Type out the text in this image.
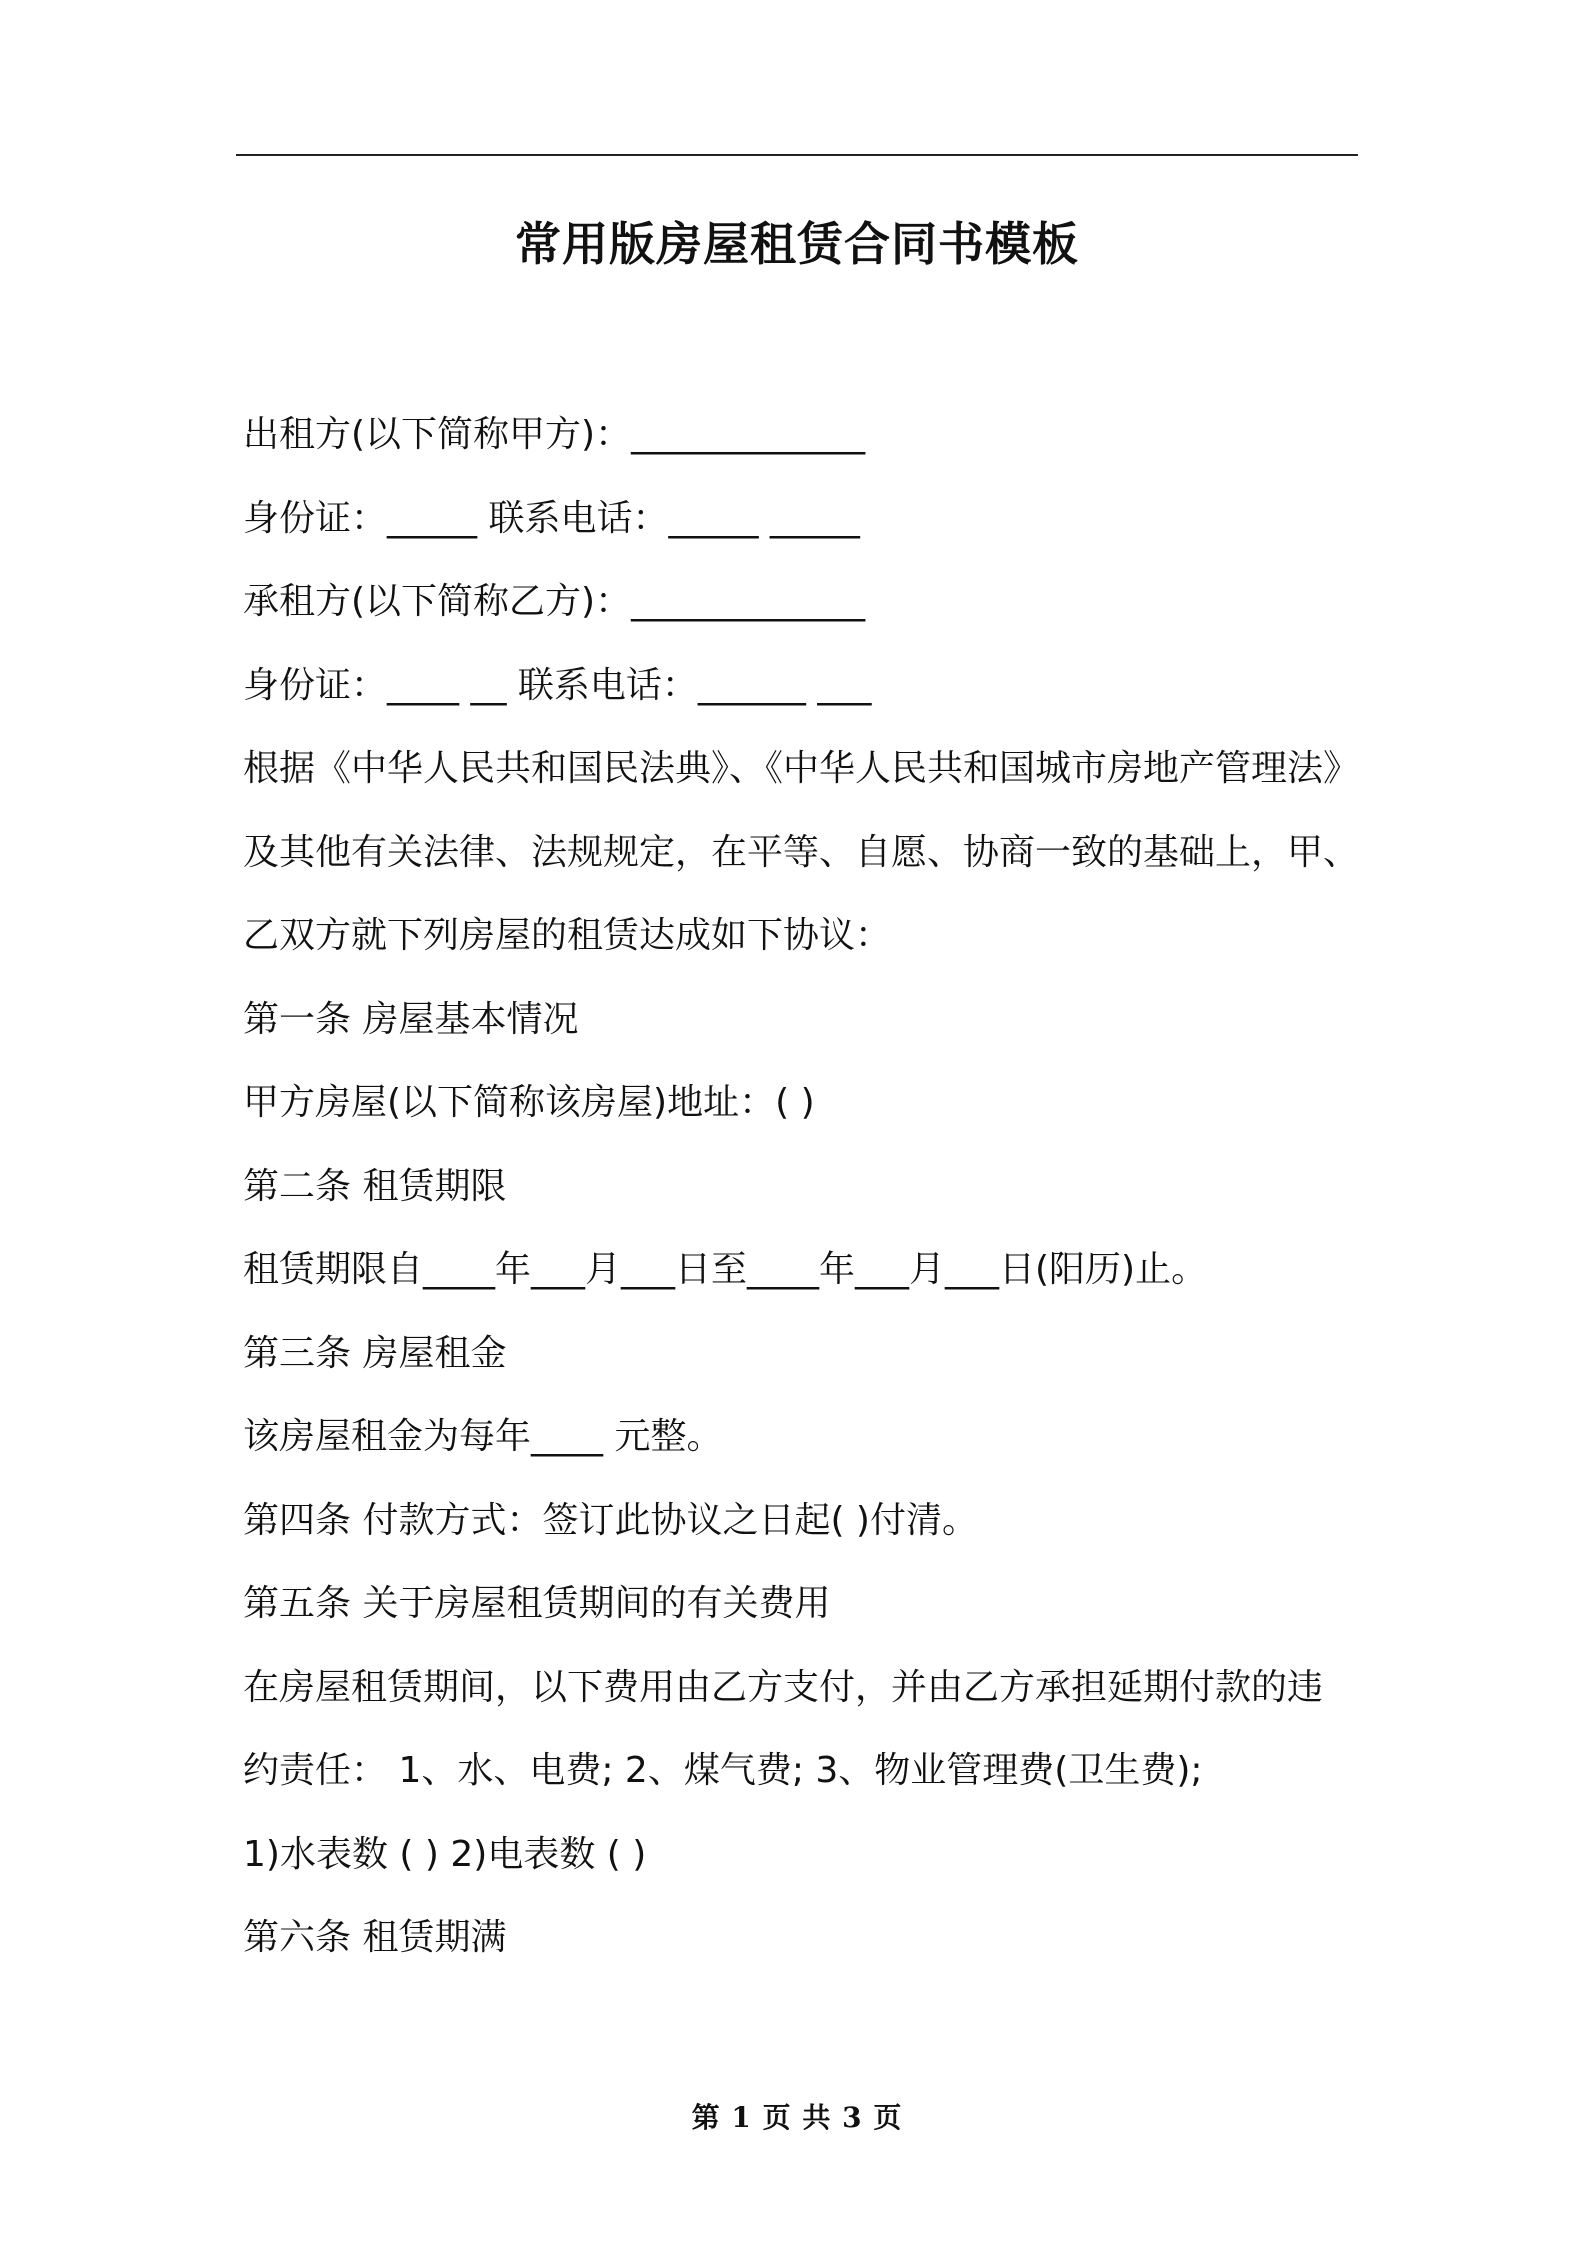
常用版房屋租赁合同书模板
出租方(以下简称甲方)：_____________
身份证：_____ 联系电话：_____ _____
承租方(以下简称乙方)：_____________
身份证：____ __ 联系电话：______ ___
根据《中华人民共和国民法典》、《中华人民共和国城市房地产管理法》
及其他有关法律、法规规定，在平等、自愿、协商一致的基础上，甲、
乙双方就下列房屋的租赁达成如下协议：
第一条 房屋基本情况
甲方房屋(以下简称该房屋)地址：( )
第二条 租赁期限
租赁期限自____年___月___日至____年___月___日(阳历)止。
第三条 房屋租金
该房屋租金为每年____ 元整。
第四条 付款方式：签订此协议之日起( )付清。
第五条 关于房屋租赁期间的有关费用
在房屋租赁期间，以下费用由乙方支付，并由乙方承担延期付款的违
约责任： 1、水、电费; 2、煤气费; 3、物业管理费(卫生费);
1)水表数 ( ) 2)电表数 ( )
第六条 租赁期满
第 1 页 共 3 页
